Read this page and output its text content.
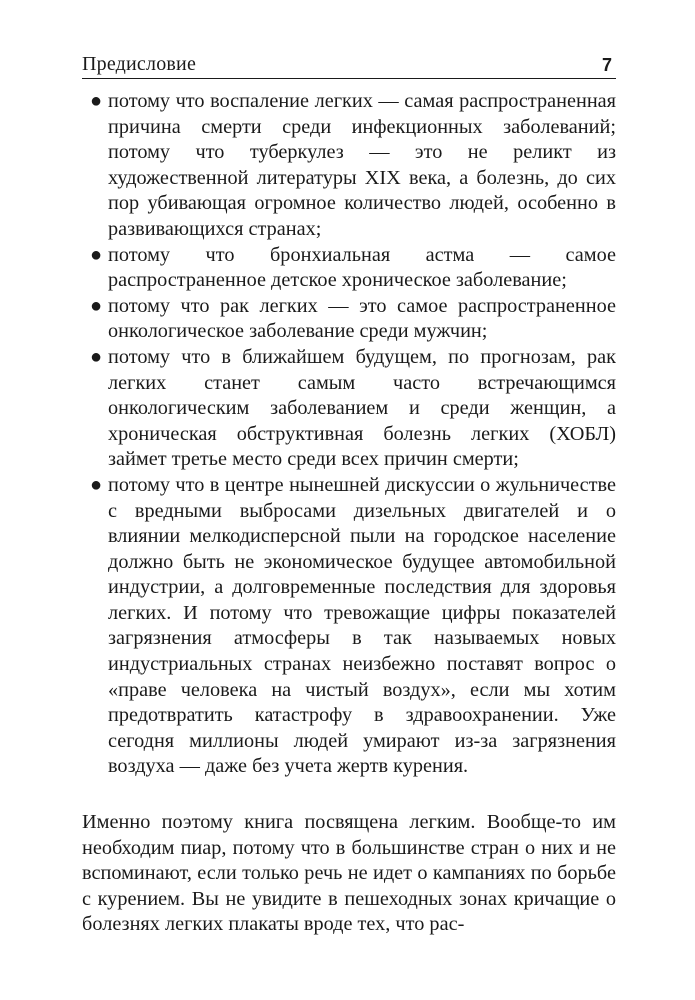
Предисловие	7
● потому что воспаление легких — самая распространенная причина смерти среди инфекционных заболеваний; потому что туберкулез — это не реликт из художественной литературы XIX века, а болезнь, до сих пор убивающая огромное количество людей, особенно в развивающихся странах;
● потому что бронхиальная астма — самое распространенное детское хроническое заболевание;
● потому что рак легких — это самое распространенное онкологическое заболевание среди мужчин;
● потому что в ближайшем будущем, по прогнозам, рак легких станет самым часто встречающимся онкологическим заболеванием и среди женщин, а хроническая обструктивная болезнь легких (ХОБЛ) займет третье место среди всех причин смерти;
● потому что в центре нынешней дискуссии о жульничестве с вредными выбросами дизельных двигателей и о влиянии мелкодисперсной пыли на городское население должно быть не экономическое будущее автомобильной индустрии, а долговременные последствия для здоровья легких. И потому что тревожащие цифры показателей загрязнения атмосферы в так называемых новых индустриальных странах неизбежно поставят вопрос о «праве человека на чистый воздух», если мы хотим предотвратить катастрофу в здравоохранении. Уже сегодня миллионы людей умирают из-за загрязнения воздуха — даже без учета жертв курения.

Именно поэтому книга посвящена легким. Вообще-то им необходим пиар, потому что в большинстве стран о них и не вспоминают, если только речь не идет о кампаниях по борьбе с курением. Вы не увидите в пешеходных зонах кричащие о болезнях легких плакаты вроде тех, что рас-
